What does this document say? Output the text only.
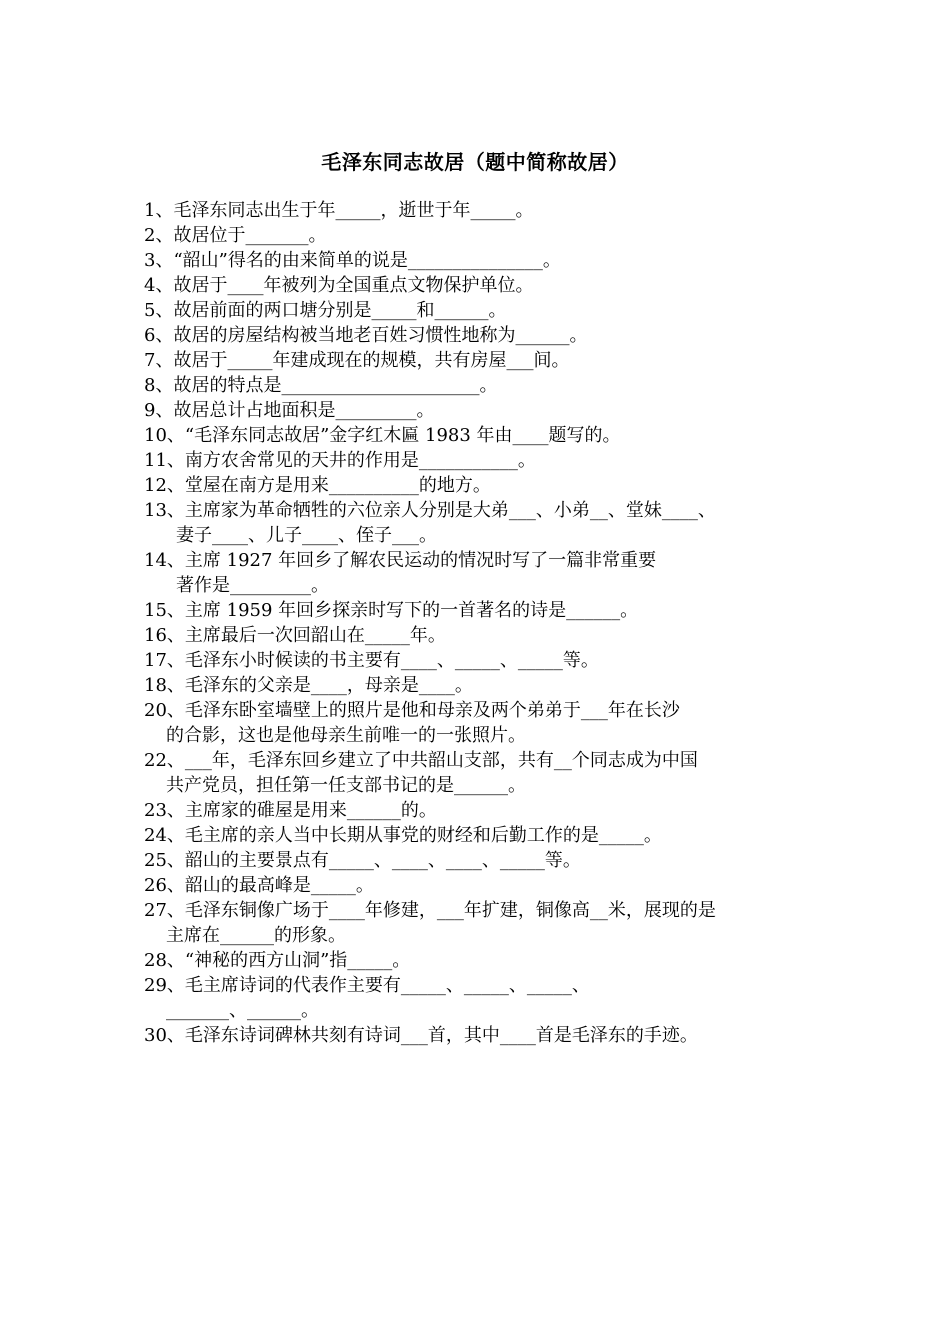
毛泽东同志故居（题中简称故居）
1、毛泽东同志出生于年_____，逝世于年_____。
2、故居位于_______。
3、“韶山”得名的由来简单的说是_______________。
4、故居于____年被列为全国重点文物保护单位。
5、故居前面的两口塘分别是_____和______。
6、故居的房屋结构被当地老百姓习惯性地称为______。
7、故居于_____年建成现在的规模，共有房屋___间。
8、故居的特点是______________________。
9、故居总计占地面积是_________。
10、“毛泽东同志故居”金字红木匾 1983 年由____题写的。
11、南方农舍常见的天井的作用是___________。
12、堂屋在南方是用来__________的地方。
13、主席家为革命牺牲的六位亲人分别是大弟___、小弟__、堂妹____、
妻子____、儿子____、侄子___。
14、主席 1927 年回乡了解农民运动的情况时写了一篇非常重要
著作是_________。
15、主席 1959 年回乡探亲时写下的一首著名的诗是______。
16、主席最后一次回韶山在_____年。
17、毛泽东小时候读的书主要有____、_____、_____等。
18、毛泽东的父亲是____，母亲是____。
20、毛泽东卧室墙壁上的照片是他和母亲及两个弟弟于___年在长沙
的合影，这也是他母亲生前唯一的一张照片。
22、___年，毛泽东回乡建立了中共韶山支部，共有__个同志成为中国
共产党员，担任第一任支部书记的是______。
23、主席家的碓屋是用来______的。
24、毛主席的亲人当中长期从事党的财经和后勤工作的是_____。
25、韶山的主要景点有_____、____、____、_____等。
26、韶山的最高峰是_____。
27、毛泽东铜像广场于____年修建，___年扩建，铜像高__米，展现的是
主席在______的形象。
28、“神秘的西方山洞”指_____。
29、毛主席诗词的代表作主要有_____、_____、_____、
_______、______。
30、毛泽东诗词碑林共刻有诗词___首，其中____首是毛泽东的手迹。
